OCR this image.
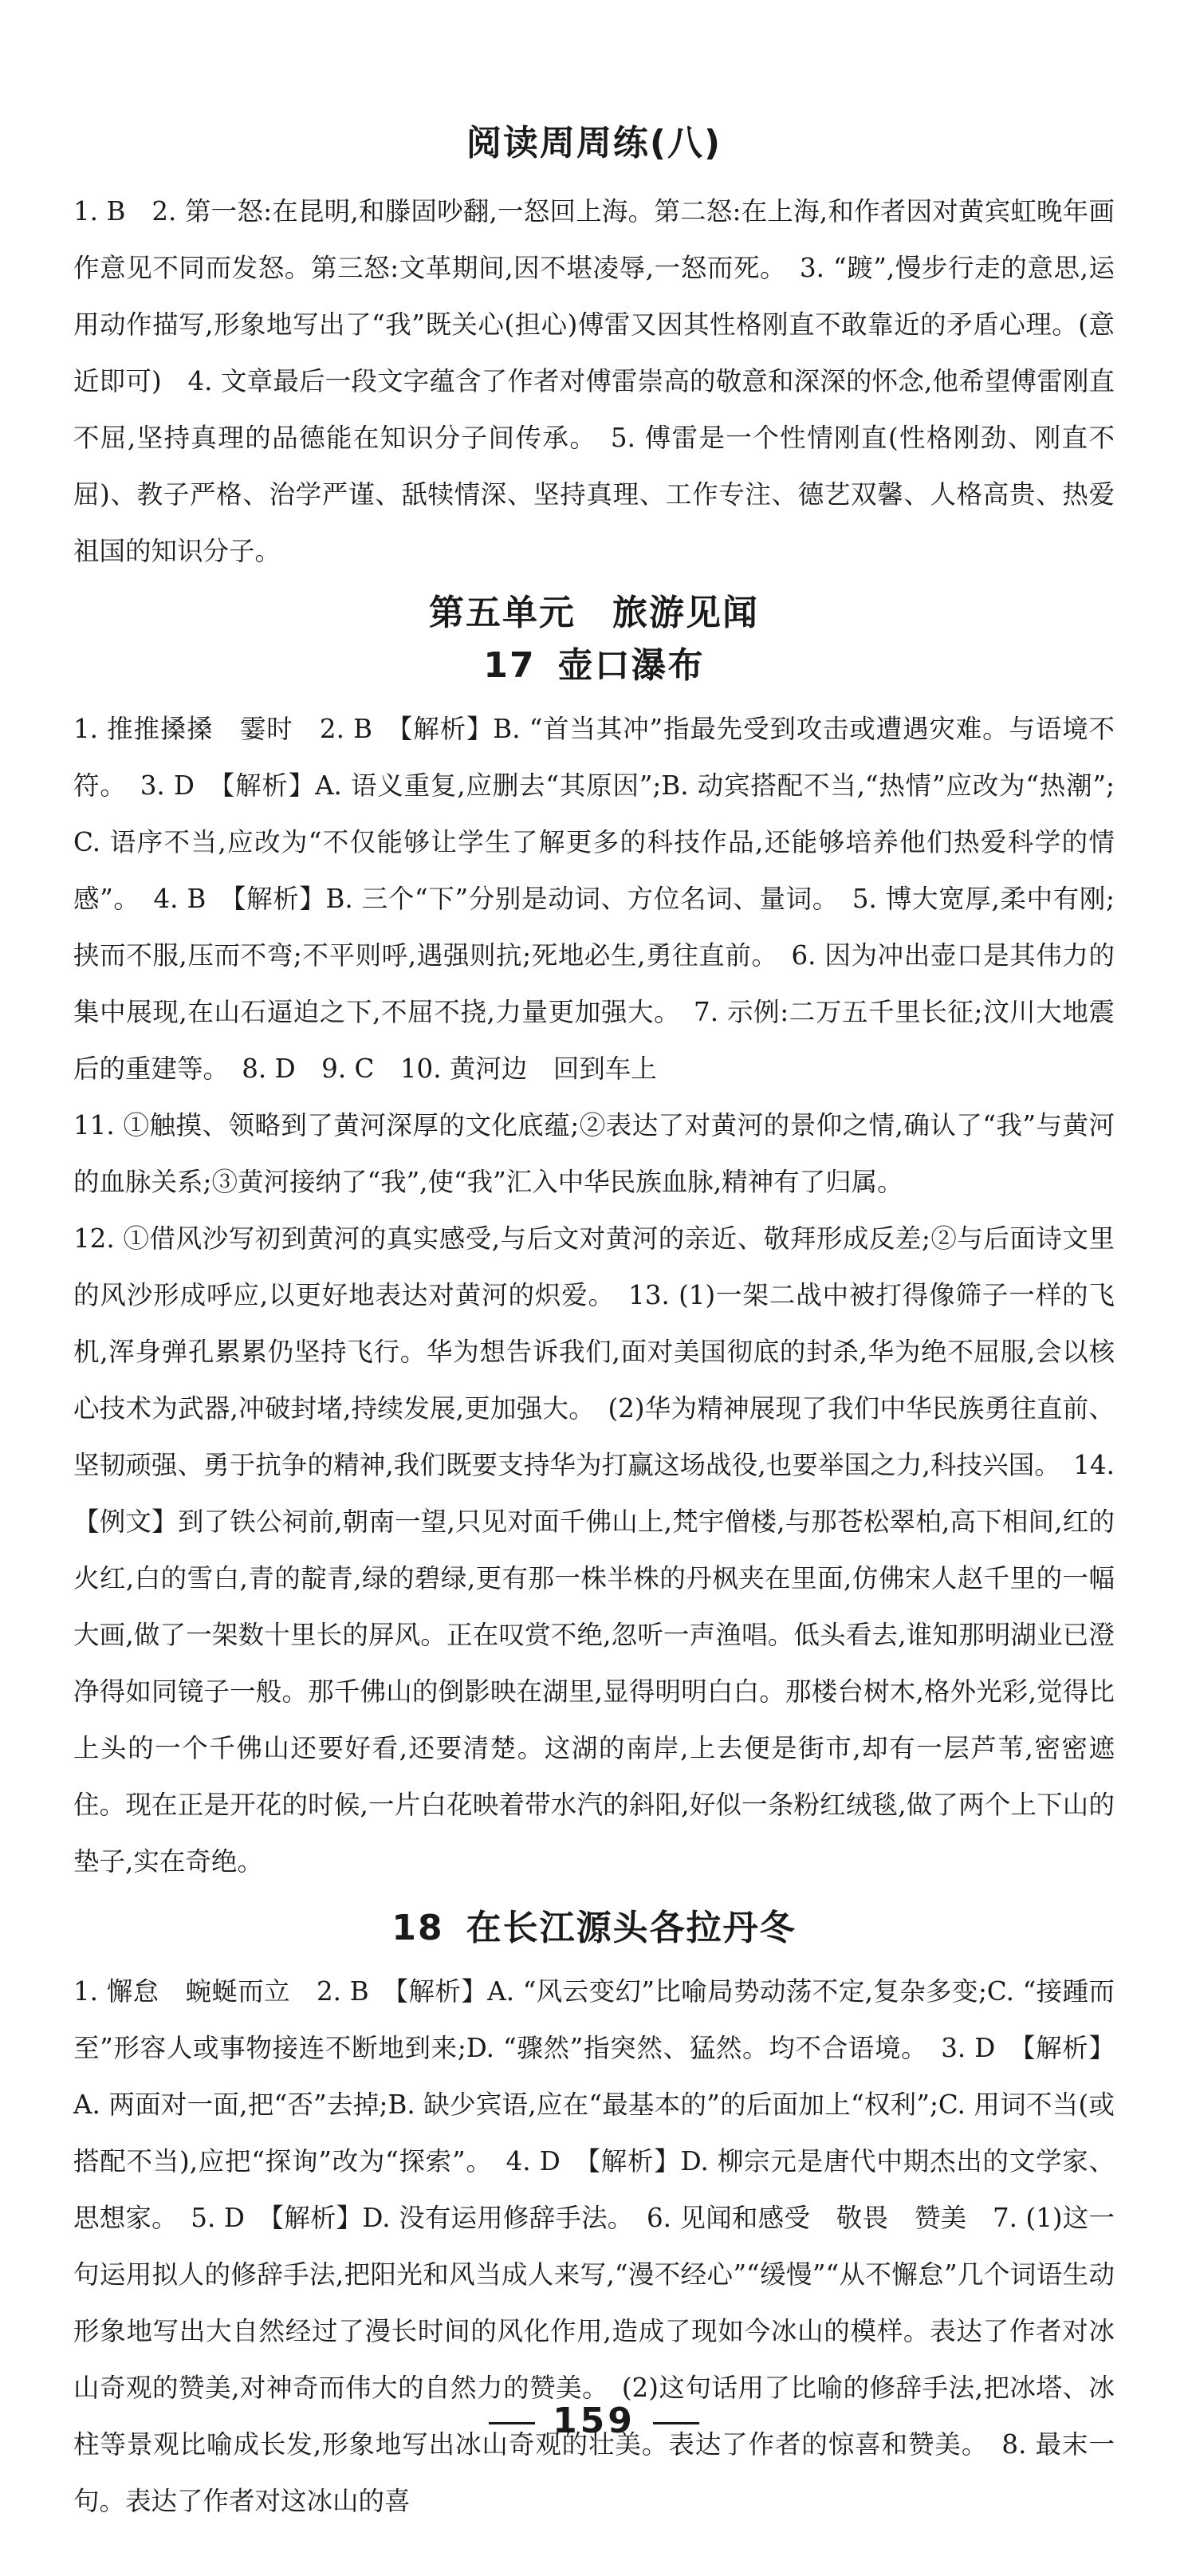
阅读周周练(八)

1. B　2. 第一怒:在昆明,和滕固吵翻,一怒回上海。第二怒:在上海,和作者因对黄宾虹晚年画作意见不同而发怒。第三怒:文革期间,因不堪凌辱,一怒而死。　3. “踱”,慢步行走的意思,运用动作描写,形象地写出了“我”既关心(担心)傅雷又因其性格刚直不敢靠近的矛盾心理。(意近即可)　4. 文章最后一段文字蕴含了作者对傅雷崇高的敬意和深深的怀念,他希望傅雷刚直不屈,坚持真理的品德能在知识分子间传承。　5. 傅雷是一个性情刚直(性格刚劲、刚直不屈)、教子严格、治学严谨、舐犊情深、坚持真理、工作专注、德艺双馨、人格高贵、热爱祖国的知识分子。

第五单元　旅游见闻
17 壶口瀑布

1. 推推搡搡　霎时　2. B　【解析】B. “首当其冲”指最先受到攻击或遭遇灾难。与语境不符。　3. D　【解析】A. 语义重复,应删去“其原因”;B. 动宾搭配不当,“热情”应改为“热潮”;C. 语序不当,应改为“不仅能够让学生了解更多的科技作品,还能够培养他们热爱科学的情感”。　4. B　【解析】B. 三个“下”分别是动词、方位名词、量词。　5. 博大宽厚,柔中有刚;挟而不服,压而不弯;不平则呼,遇强则抗;死地必生,勇往直前。　6. 因为冲出壶口是其伟力的集中展现,在山石逼迫之下,不屈不挠,力量更加强大。　7. 示例:二万五千里长征;汶川大地震后的重建等。　8. D　9. C　10. 黄河边　回到车上

11. ①触摸、领略到了黄河深厚的文化底蕴;②表达了对黄河的景仰之情,确认了“我”与黄河的血脉关系;③黄河接纳了“我”,使“我”汇入中华民族血脉,精神有了归属。

12. ①借风沙写初到黄河的真实感受,与后文对黄河的亲近、敬拜形成反差;②与后面诗文里的风沙形成呼应,以更好地表达对黄河的炽爱。　13. (1)一架二战中被打得像筛子一样的飞机,浑身弹孔累累仍坚持飞行。华为想告诉我们,面对美国彻底的封杀,华为绝不屈服,会以核心技术为武器,冲破封堵,持续发展,更加强大。　(2)华为精神展现了我们中华民族勇往直前、坚韧顽强、勇于抗争的精神,我们既要支持华为打赢这场战役,也要举国之力,科技兴国。　14.【例文】到了铁公祠前,朝南一望,只见对面千佛山上,梵宇僧楼,与那苍松翠柏,高下相间,红的火红,白的雪白,青的靛青,绿的碧绿,更有那一株半株的丹枫夹在里面,仿佛宋人赵千里的一幅大画,做了一架数十里长的屏风。正在叹赏不绝,忽听一声渔唱。低头看去,谁知那明湖业已澄净得如同镜子一般。那千佛山的倒影映在湖里,显得明明白白。那楼台树木,格外光彩,觉得比上头的一个千佛山还要好看,还要清楚。这湖的南岸,上去便是街市,却有一层芦苇,密密遮住。现在正是开花的时候,一片白花映着带水汽的斜阳,好似一条粉红绒毯,做了两个上下山的垫子,实在奇绝。

18 在长江源头各拉丹冬

1. 懈怠　蜿蜒而立　2. B　【解析】A. “风云变幻”比喻局势动荡不定,复杂多变;C. “接踵而至”形容人或事物接连不断地到来;D. “骤然”指突然、猛然。均不合语境。　3. D　【解析】A. 两面对一面,把“否”去掉;B. 缺少宾语,应在“最基本的”的后面加上“权利”;C. 用词不当(或搭配不当),应把“探询”改为“探索”。　4. D　【解析】D. 柳宗元是唐代中期杰出的文学家、思想家。　5. D　【解析】D. 没有运用修辞手法。　6. 见闻和感受　敬畏　赞美　7. (1)这一句运用拟人的修辞手法,把阳光和风当成人来写,“漫不经心”“缓慢”“从不懈怠”几个词语生动形象地写出大自然经过了漫长时间的风化作用,造成了现如今冰山的模样。表达了作者对冰山奇观的赞美,对神奇而伟大的自然力的赞美。　(2)这句话用了比喻的修辞手法,把冰塔、冰柱等景观比喻成长发,形象地写出冰山奇观的壮美。表达了作者的惊喜和赞美。　8. 最末一句。表达了作者对这冰山的喜

159
